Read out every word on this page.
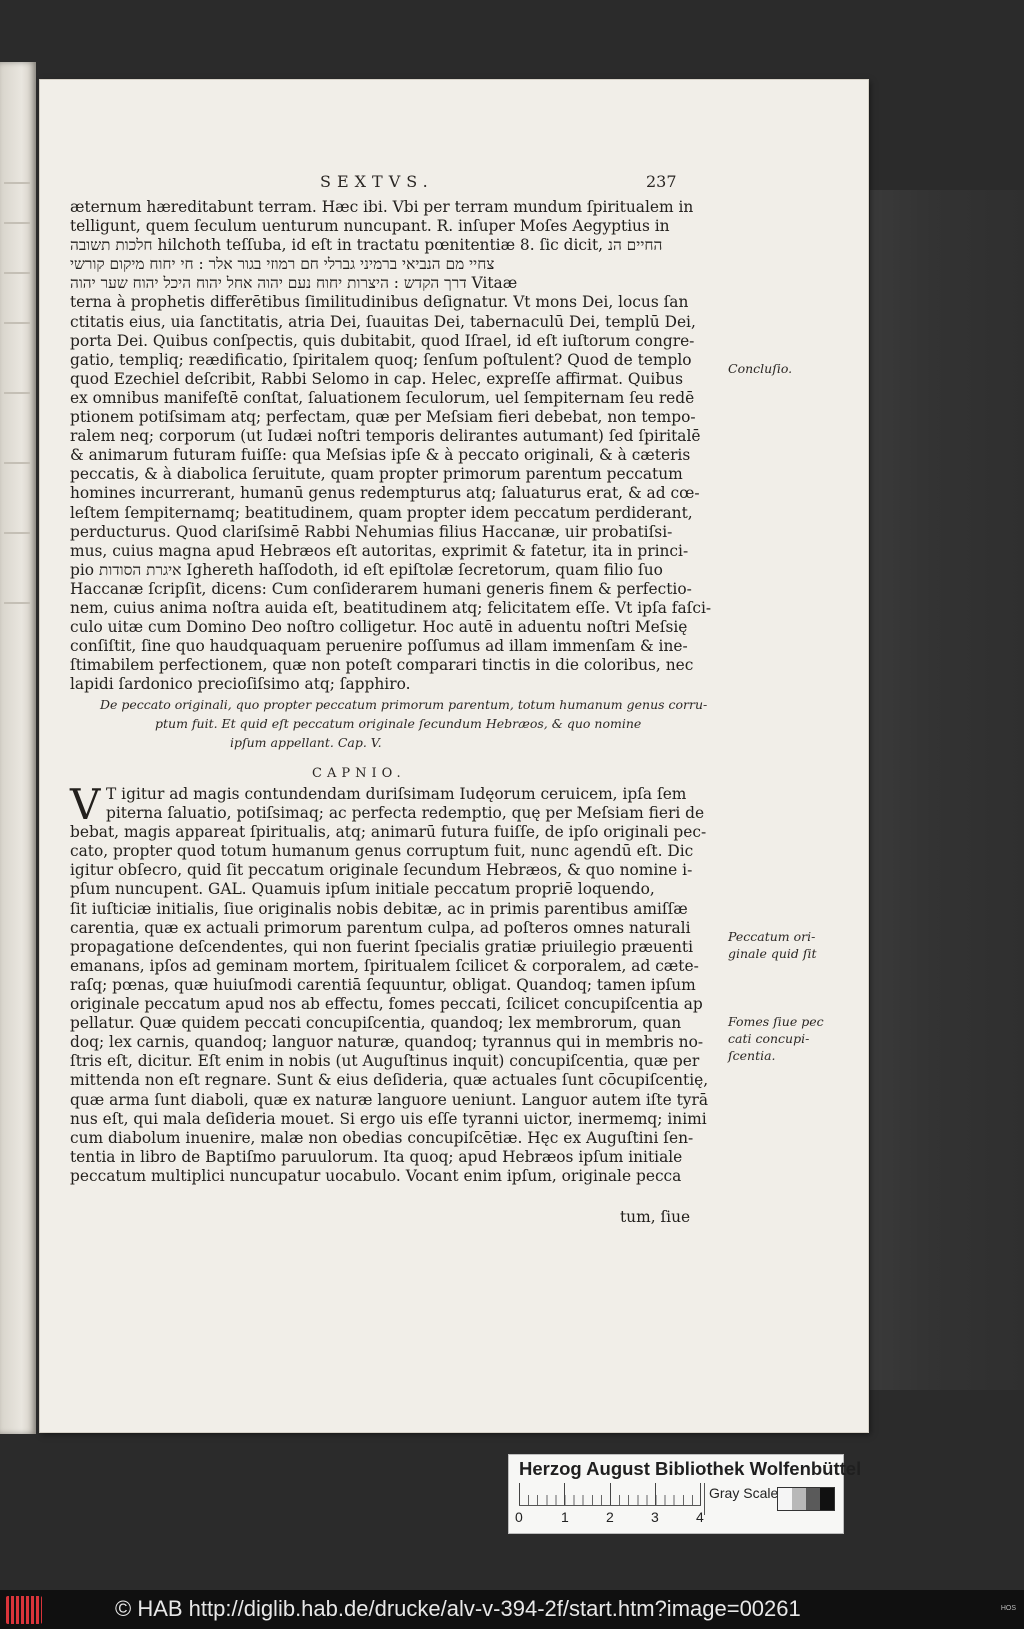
SEXTVS.	237
æternum hæreditabunt terram. Hæc ibi. Vbi per terram mundum ſpiritualem in
telligunt, quem ſeculum uenturum nuncupant. R. inſuper Moſes Aegyptius in
חלכות תשובה hilchoth teſſuba, id eſt in tractatu pœnitentiæ 8. ſic dicit, החיים הנ
צחיי מם הנביאי ברמיני גברלי חם רמוזי בגור אלר : חי יחוח מיקום קורשי
דרך הקדש : היצרות יחוח נעם יהוה אחל יהוח היכל יהוח שער יהוה Vitaæ
terna à prophetis differētibus ſimilitudinibus deſignatur. Vt mons Dei, locus ſan
ctitatis eius, uia ſanctitatis, atria Dei, ſuauitas Dei, tabernaculū Dei, templū Dei,
porta Dei. Quibus conſpectis, quis dubitabit, quod Iſrael, id eſt iuſtorum congre-
gatio, templiq; reædificatio, ſpiritalem quoq; ſenſum poſtulent? Quod de templo
quod Ezechiel deſcribit, Rabbi Selomo in cap. Helec, expreſſe affirmat. Quibus
ex omnibus manifeſtē conſtat, ſaluationem ſeculorum, uel ſempiternam ſeu redē
ptionem potiſsimam atq; perfectam, quæ per Meſsiam fieri debebat, non tempo-
ralem neq; corporum (ut Iudæi noſtri temporis delirantes autumant) ſed ſpiritalē
& animarum futuram fuiſſe: qua Meſsias ipſe & à peccato originali, & à cæteris
peccatis, & à diabolica ſeruitute, quam propter primorum parentum peccatum
homines incurrerant, humanū genus redempturus atq; ſaluaturus erat, & ad cœ-
leſtem ſempiternamq; beatitudinem, quam propter idem peccatum perdiderant,
perducturus. Quod clariſsimē Rabbi Nehumias filius Haccanæ, uir probatiſsi-
mus, cuius magna apud Hebræos eſt autoritas, exprimit & fatetur, ita in princi-
pio איגרת הסודות Ighereth haſſodoth, id eſt epiſtolæ ſecretorum, quam filio ſuo
Haccanæ ſcripſit, dicens: Cum conſiderarem humani generis finem & perfectio-
nem, cuius anima noſtra auida eſt, beatitudinem atq; felicitatem eſſe. Vt ipſa faſci-
culo uitæ cum Domino Deo noſtro colligetur. Hoc autē in aduentu noſtri Meſsię
conſiſtit, ſine quo haudquaquam peruenire poſſumus ad illam immenſam & ine-
ſtimabilem perfectionem, quæ non poteſt comparari tinctis in die coloribus, nec
lapidi ſardonico precioſiſsimo atq; ſapphiro.
Concluſio.
De peccato originali, quo propter peccatum primorum parentum, totum humanum genus corru-
ptum fuit. Et quid eſt peccatum originale ſecundum Hebræos, & quo nomine
ipſum appellant. Cap. V.
CAPNIO.
V T igitur ad magis contundendam duriſsimam Iudęorum ceruicem, ipſa ſem
piterna ſaluatio, potiſsimaq; ac perfecta redemptio, quę per Meſsiam fieri de
bebat, magis appareat ſpiritualis, atq; animarū futura fuiſſe, de ipſo originali pec-
cato, propter quod totum humanum genus corruptum fuit, nunc agendū eſt. Dic
igitur obſecro, quid ſit peccatum originale ſecundum Hebræos, & quo nomine i-
pſum nuncupent. GAL. Quamuis ipſum initiale peccatum propriē loquendo,
ſit iuſticiæ initialis, ſiue originalis nobis debitæ, ac in primis parentibus amiſſæ
carentia, quæ ex actuali primorum parentum culpa, ad poſteros omnes naturali
propagatione deſcendentes, qui non fuerint ſpecialis gratiæ priuilegio præuenti
emanans, ipſos ad geminam mortem, ſpiritualem ſcilicet & corporalem, ad cæte-
raſq; pœnas, quæ huiuſmodi carentiā ſequuntur, obligat. Quandoq; tamen ipſum
originale peccatum apud nos ab effectu, fomes peccati, ſcilicet concupiſcentia ap
pellatur. Quæ quidem peccati concupiſcentia, quandoq; lex membrorum, quan
doq; lex carnis, quandoq; languor naturæ, quandoq; tyrannus qui in membris no-
ſtris eſt, dicitur. Eſt enim in nobis (ut Auguſtinus inquit) concupiſcentia, quæ per
mittenda non eſt regnare. Sunt & eius deſideria, quæ actuales ſunt cōcupiſcentię,
quæ arma ſunt diaboli, quæ ex naturæ languore ueniunt. Languor autem iſte tyrā
nus eſt, qui mala deſideria mouet. Si ergo uis eſſe tyranni uictor, inermemq; inimi
cum diabolum inuenire, malæ non obedias concupiſcētiæ. Hęc ex Auguſtini ſen-
tentia in libro de Baptiſmo paruulorum. Ita quoq; apud Hebræos ipſum initiale
peccatum multiplici nuncupatur uocabulo. Vocant enim ipſum, originale pecca
Peccatum ori-
ginale quid ſit
Fomes ſiue pec
cati concupi-
ſcentia.
tum, ſiue
Herzog August Bibliothek Wolfenbüttel
0	1	2	3	4
Gray Scale
© HAB http://diglib.hab.de/drucke/alv-v-394-2f/start.htm?image=00261	HOS
